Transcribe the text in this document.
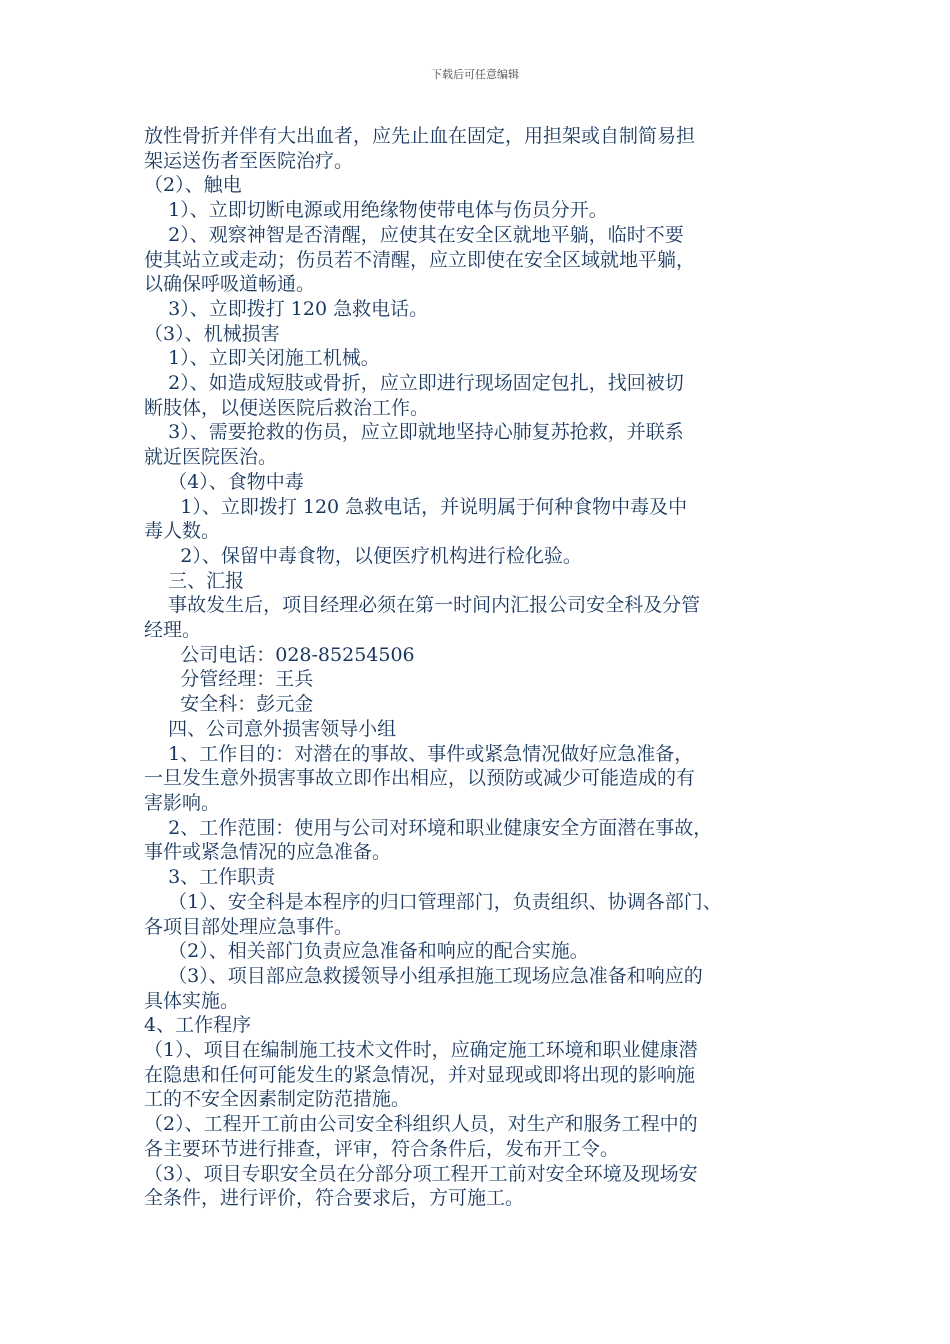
下载后可任意编辑

放性骨折并伴有大出血者，应先止血在固定，用担架或自制简易担

架运送伤者至医院治疗。

（2）、触电

1）、立即切断电源或用绝缘物使带电体与伤员分开。

2）、观察神智是否清醒，应使其在安全区就地平躺，临时不要

使其站立或走动；伤员若不清醒，应立即使在安全区域就地平躺，

以确保呼吸道畅通。

3）、立即拨打 120 急救电话。

（3）、机械损害

1）、立即关闭施工机械。

2）、如造成短肢或骨折，应立即进行现场固定包扎，找回被切

断肢体，以便送医院后救治工作。

3）、需要抢救的伤员，应立即就地坚持心肺复苏抢救，并联系

就近医院医治。

（4）、食物中毒

1）、立即拨打 120 急救电话，并说明属于何种食物中毒及中

毒人数。

2）、保留中毒食物，以便医疗机构进行检化验。

三、汇报

事故发生后，项目经理必须在第一时间内汇报公司安全科及分管

经理。

公司电话：028-85254506

分管经理：王兵

安全科：彭元金

四、公司意外损害领导小组

1、工作目的：对潜在的事故、事件或紧急情况做好应急准备，

一旦发生意外损害事故立即作出相应，以预防或减少可能造成的有

害影响。

2、工作范围：使用与公司对环境和职业健康安全方面潜在事故，

事件或紧急情况的应急准备。

3、工作职责

（1）、安全科是本程序的归口管理部门，负责组织、协调各部门、

各项目部处理应急事件。

（2）、相关部门负责应急准备和响应的配合实施。

（3）、项目部应急救援领导小组承担施工现场应急准备和响应的

具体实施。

4、工作程序

（1）、项目在编制施工技术文件时，应确定施工环境和职业健康潜

在隐患和任何可能发生的紧急情况，并对显现或即将出现的影响施

工的不安全因素制定防范措施。

（2）、工程开工前由公司安全科组织人员，对生产和服务工程中的

各主要环节进行排查，评审，符合条件后，发布开工令。

（3）、项目专职安全员在分部分项工程开工前对安全环境及现场安

全条件，进行评价，符合要求后，方可施工。
